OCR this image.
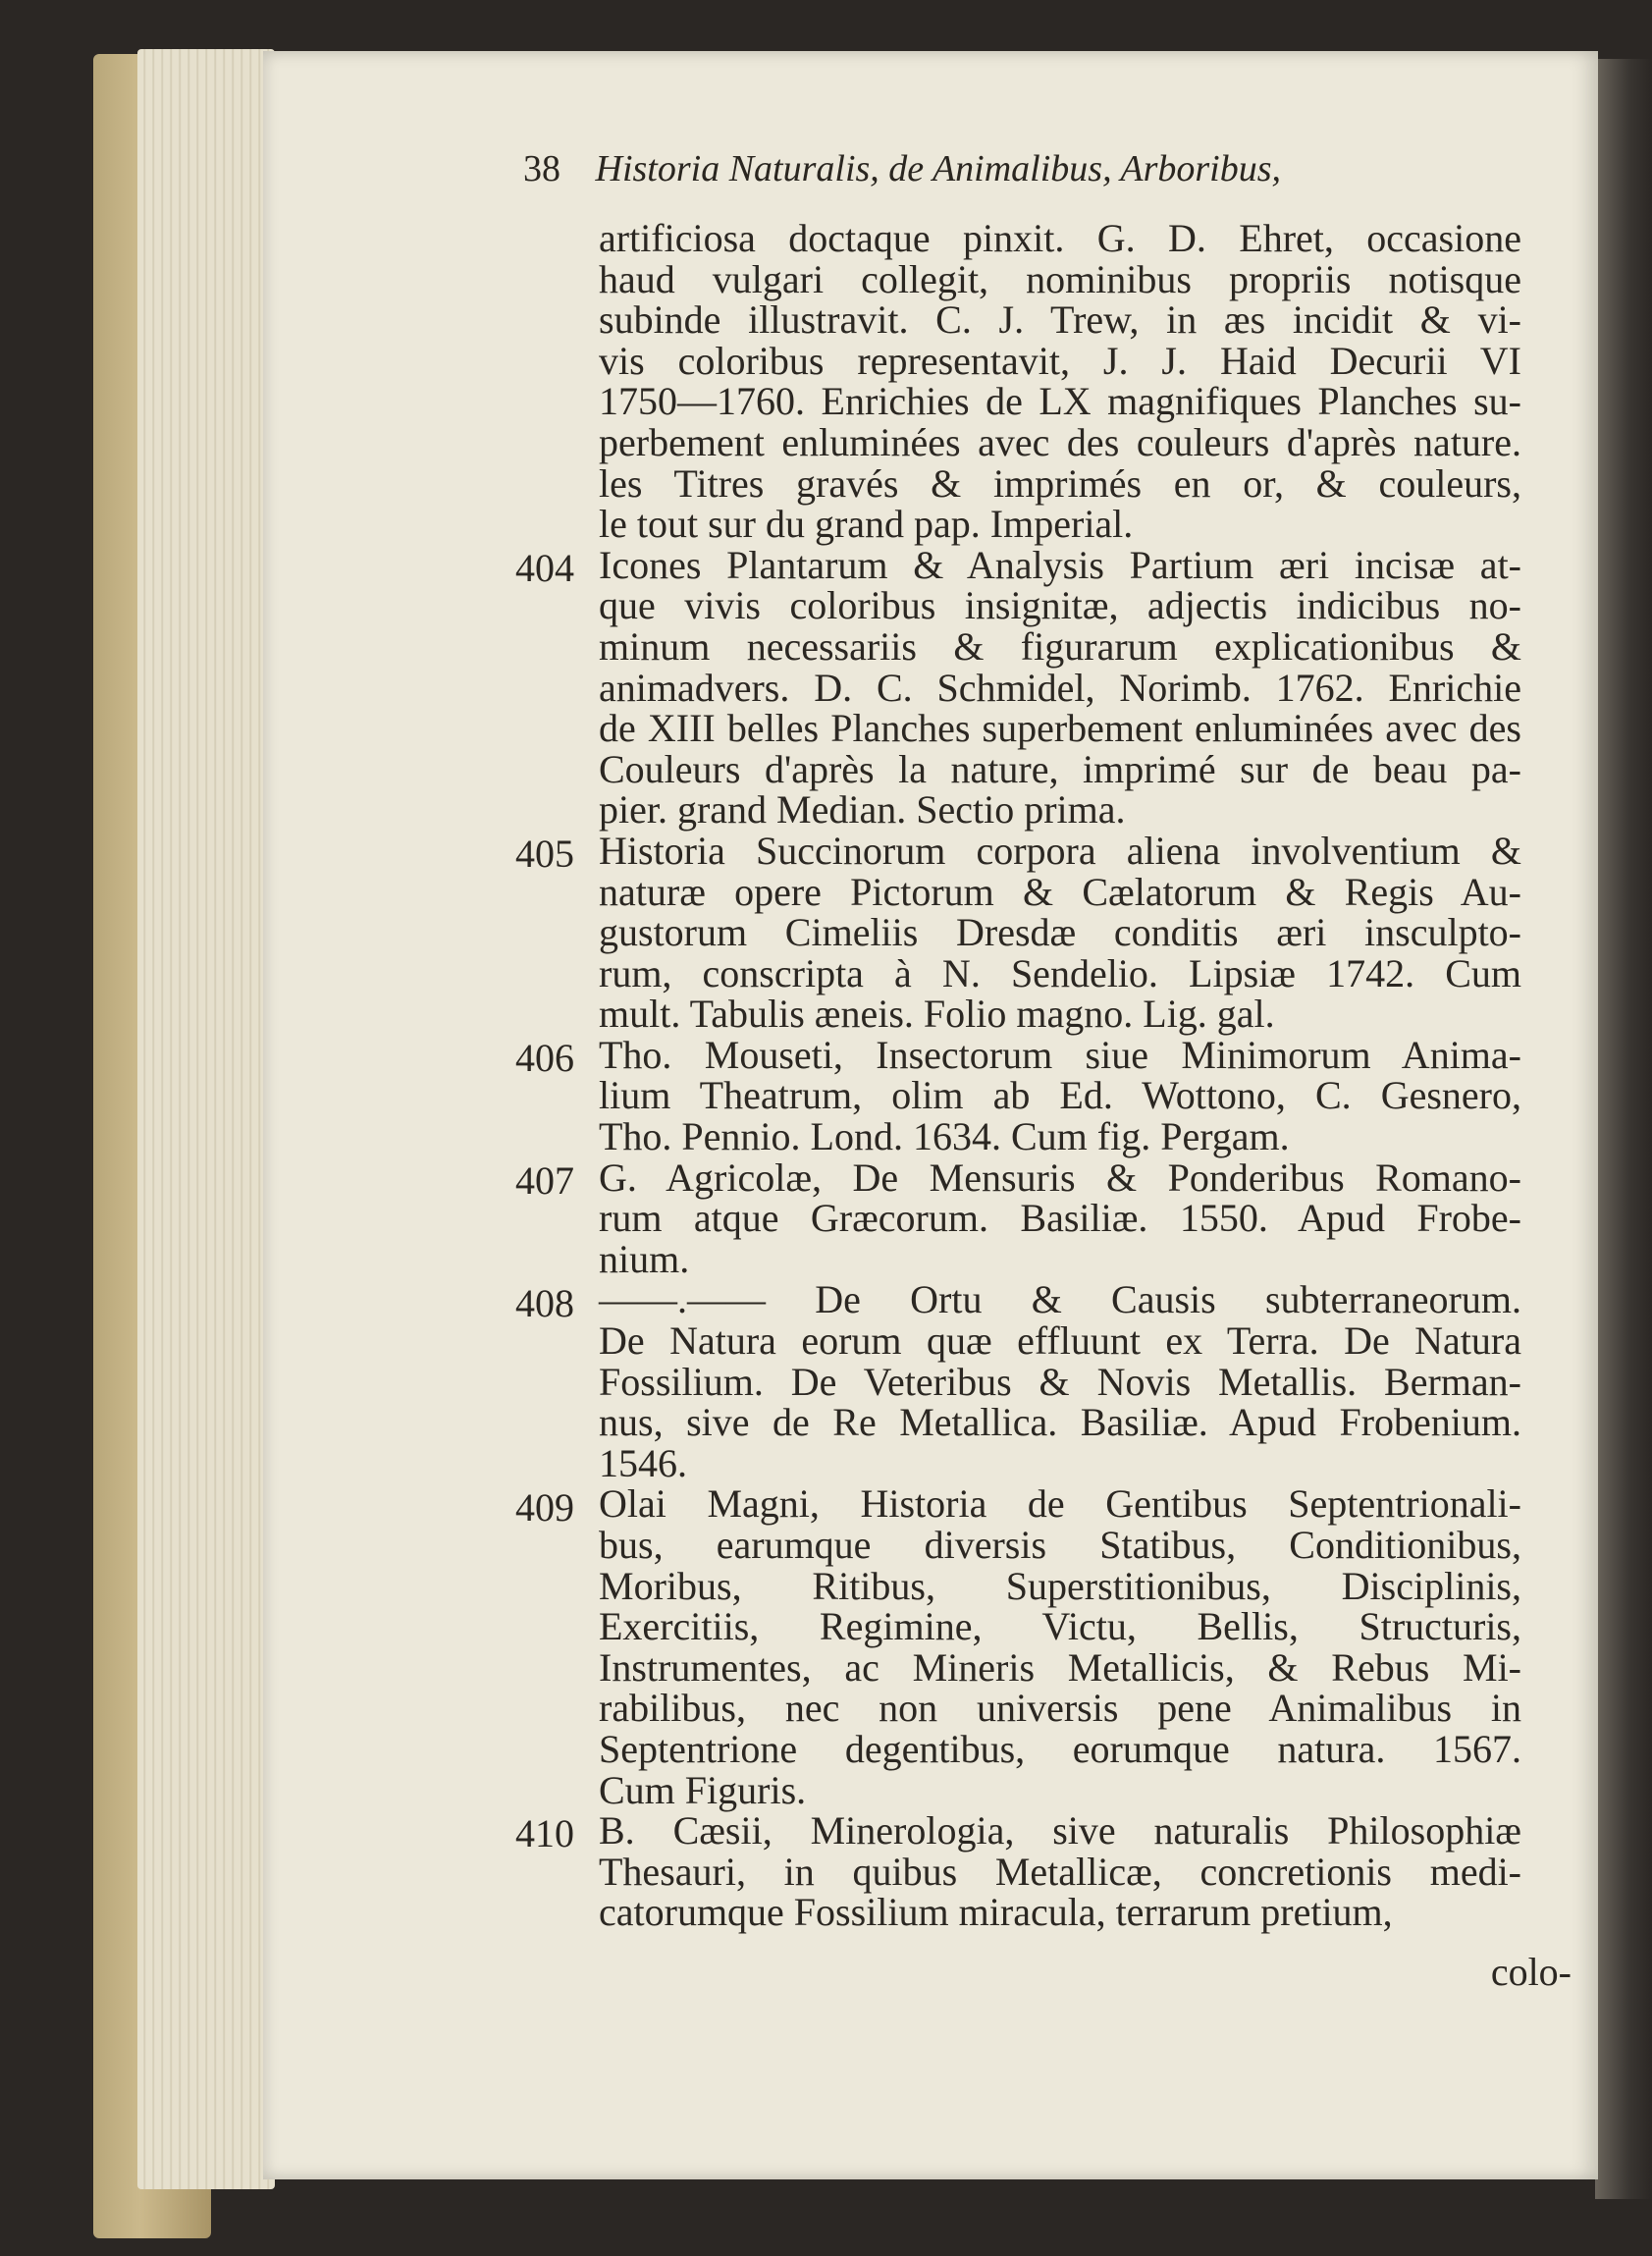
38 Historia Naturalis, de Animalibus, Arboribus,
artificiosa doctaque pinxit. G. D. Ehret, occasione
haud vulgari collegit, nominibus propriis notisque
subinde illustravit. C. J. Trew, in æs incidit & vi-
vis coloribus representavit, J. J. Haid Decurii VI
1750—1760. Enrichies de LX magnifiques Planches su-
perbement enluminées avec des couleurs d'après nature.
les Titres gravés & imprimés en or, & couleurs,
le tout sur du grand pap. Imperial.
Icones Plantarum & Analysis Partium æri incisæ at-
que vivis coloribus insignitæ, adjectis indicibus no-
minum necessariis & figurarum explicationibus &
animadvers. D. C. Schmidel, Norimb. 1762. Enrichie
de XIII belles Planches superbement enluminées avec des
Couleurs d'après la nature, imprimé sur de beau pa-
pier. grand Median. Sectio prima.
Historia Succinorum corpora aliena involventium &
naturæ opere Pictorum & Cælatorum & Regis Au-
gustorum Cimeliis Dresdæ conditis æri insculpto-
rum, conscripta à N. Sendelio. Lipsiæ 1742. Cum
mult. Tabulis æneis. Folio magno. Lig. gal.
Tho. Mouseti, Insectorum siue Minimorum Anima-
lium Theatrum, olim ab Ed. Wottono, C. Gesnero,
Tho. Pennio. Lond. 1634. Cum fig. Pergam.
G. Agricolæ, De Mensuris & Ponderibus Romano-
rum atque Græcorum. Basiliæ. 1550. Apud Frobe-
nium.
——.—— De Ortu & Causis subterraneorum.
De Natura eorum quæ effluunt ex Terra. De Natura
Fossilium. De Veteribus & Novis Metallis. Berman-
nus, sive de Re Metallica. Basiliæ. Apud Frobenium.
1546.
Olai Magni, Historia de Gentibus Septentrionali-
bus, earumque diversis Statibus, Conditionibus,
Moribus, Ritibus, Superstitionibus, Disciplinis,
Exercitiis, Regimine, Victu, Bellis, Structuris,
Instrumentes, ac Mineris Metallicis, & Rebus Mi-
rabilibus, nec non universis pene Animalibus in
Septentrione degentibus, eorumque natura. 1567.
Cum Figuris.
B. Cæsii, Minerologia, sive naturalis Philosophiæ
Thesauri, in quibus Metallicæ, concretionis medi-
catorumque Fossilium miracula, terrarum pretium,
colo-
404
405
406
407
408
409
410
